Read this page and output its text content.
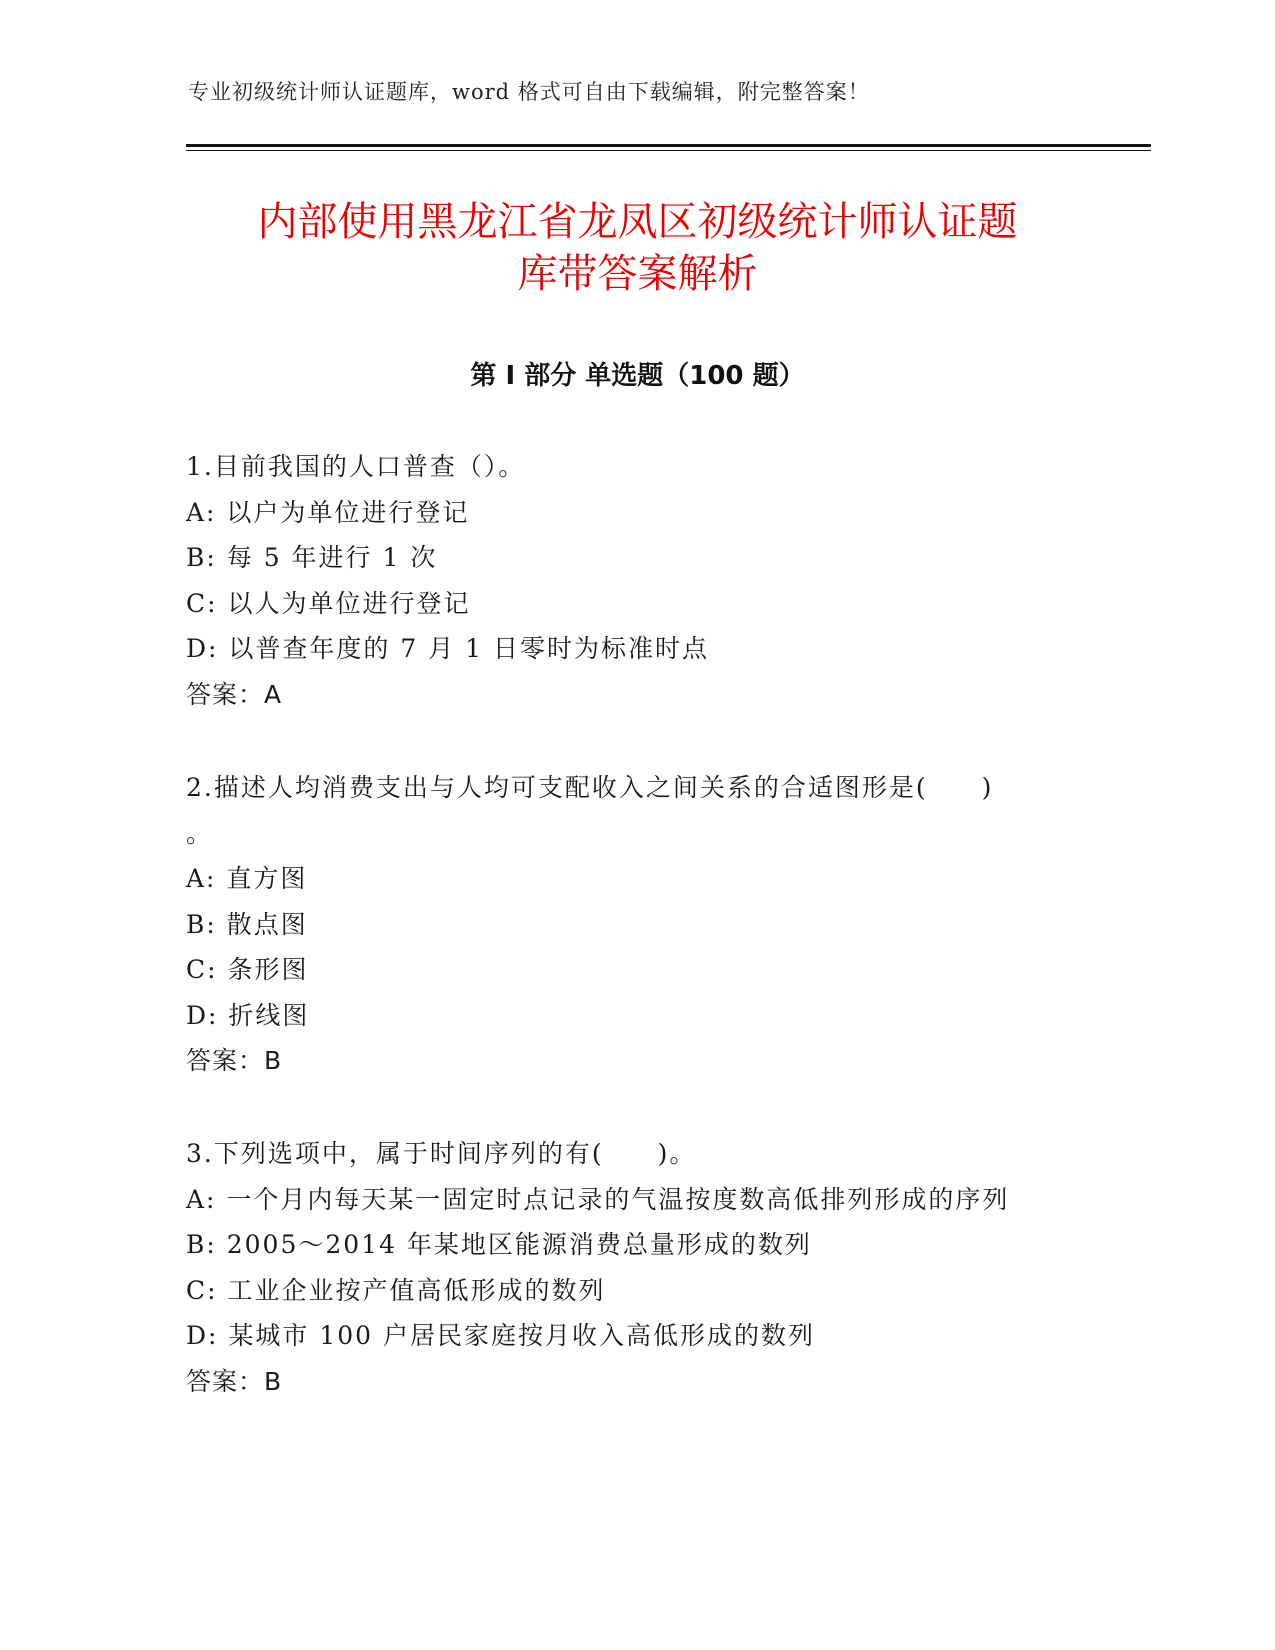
专业初级统计师认证题库，word 格式可自由下载编辑，附完整答案！
内部使用黑龙江省龙凤区初级统计师认证题
库带答案解析
第 I 部分 单选题（100 题）
1.目前我国的人口普查（）。
A: 以户为单位进行登记
B: 每 5 年进行 1 次
C: 以人为单位进行登记
D: 以普查年度的 7 月 1 日零时为标准时点
答案：A
2.描述人均消费支出与人均可支配收入之间关系的合适图形是(　　)
。
A: 直方图
B: 散点图
C: 条形图
D: 折线图
答案：B
3.下列选项中，属于时间序列的有(　　)。
A: 一个月内每天某一固定时点记录的气温按度数高低排列形成的序列
B: 2005～2014 年某地区能源消费总量形成的数列
C: 工业企业按产值高低形成的数列
D: 某城市 100 户居民家庭按月收入高低形成的数列
答案：B
